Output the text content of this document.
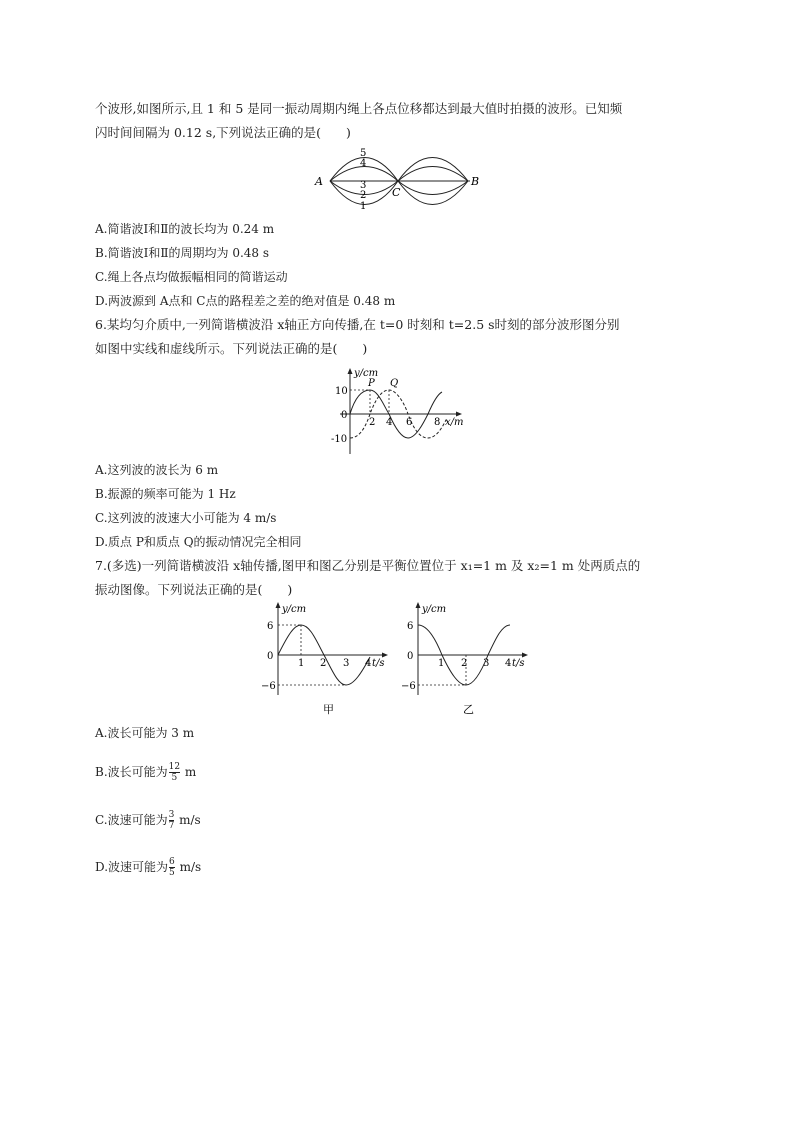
个波形,如图所示,且 1 和 5 是同一振动周期内绳上各点位移都达到最大值时拍摄的波形。已知频
闪时间间隔为 0.12 s,下列说法正确的是(　　)
A	B
C
5
4
3
2
1
A.简谐波Ⅰ和Ⅱ的波长均为 0.24 m
B.简谐波Ⅰ和Ⅱ的周期均为 0.48 s
C.绳上各点均做振幅相同的简谐运动
D.两波源到 A点和 C点的路程差之差的绝对值是 0.48 m
6.某均匀介质中,一列简谐横波沿 x轴正方向传播,在 t=0 时刻和 t=2.5 s时刻的部分波形图分别
如图中实线和虚线所示。下列说法正确的是(　　)
y/cm
x/m
10
0
-10
2 4 6 8
P Q
A.这列波的波长为 6 m
B.振源的频率可能为 1 Hz
C.这列波的波速大小可能为 4 m/s
D.质点 P和质点 Q的振动情况完全相同
7.(多选)一列简谐横波沿 x轴传播,图甲和图乙分别是平衡位置位于 x₁=1 m 及 x₂=1 m 处两质点的
振动图像。下列说法正确的是(　　)
y/cm
t/s
6
0
−6
1 2 3 4
甲
y/cm
t/s
6
0
−6
1 2 3 4
乙
A.波长可能为 3 m
B.波长可能为 $\frac{12}{5}$ m
C.波速可能为 $\frac{3}{7} m/s$
D.波速可能为 $\frac{6}{5} m/s$
